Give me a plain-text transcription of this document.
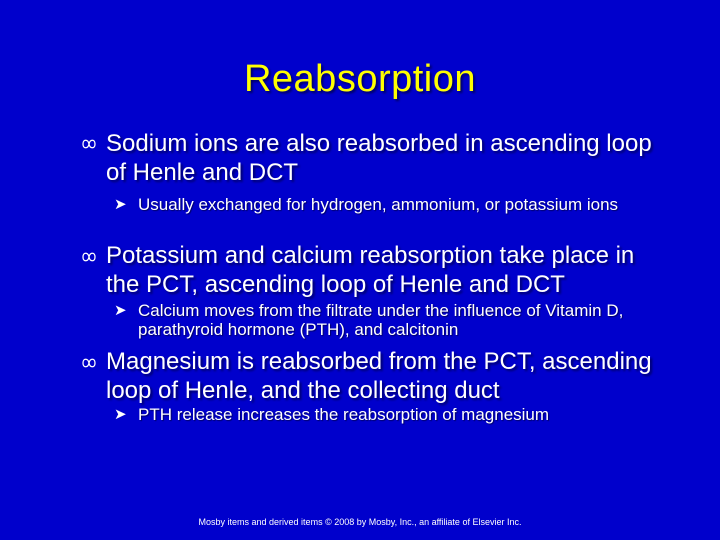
Reabsorption
Sodium ions are also reabsorbed in ascending loop of Henle and DCT
➤ Usually exchanged for hydrogen, ammonium, or potassium ions
Potassium and calcium reabsorption take place in the PCT, ascending loop of Henle and DCT
➤ Calcium moves from the filtrate under the influence of Vitamin D, parathyroid hormone (PTH), and calcitonin
Magnesium is reabsorbed from the PCT, ascending loop of Henle, and the collecting duct
➤ PTH release increases the reabsorption of magnesium
Mosby items and derived items © 2008 by Mosby, Inc., an affiliate of Elsevier Inc.
